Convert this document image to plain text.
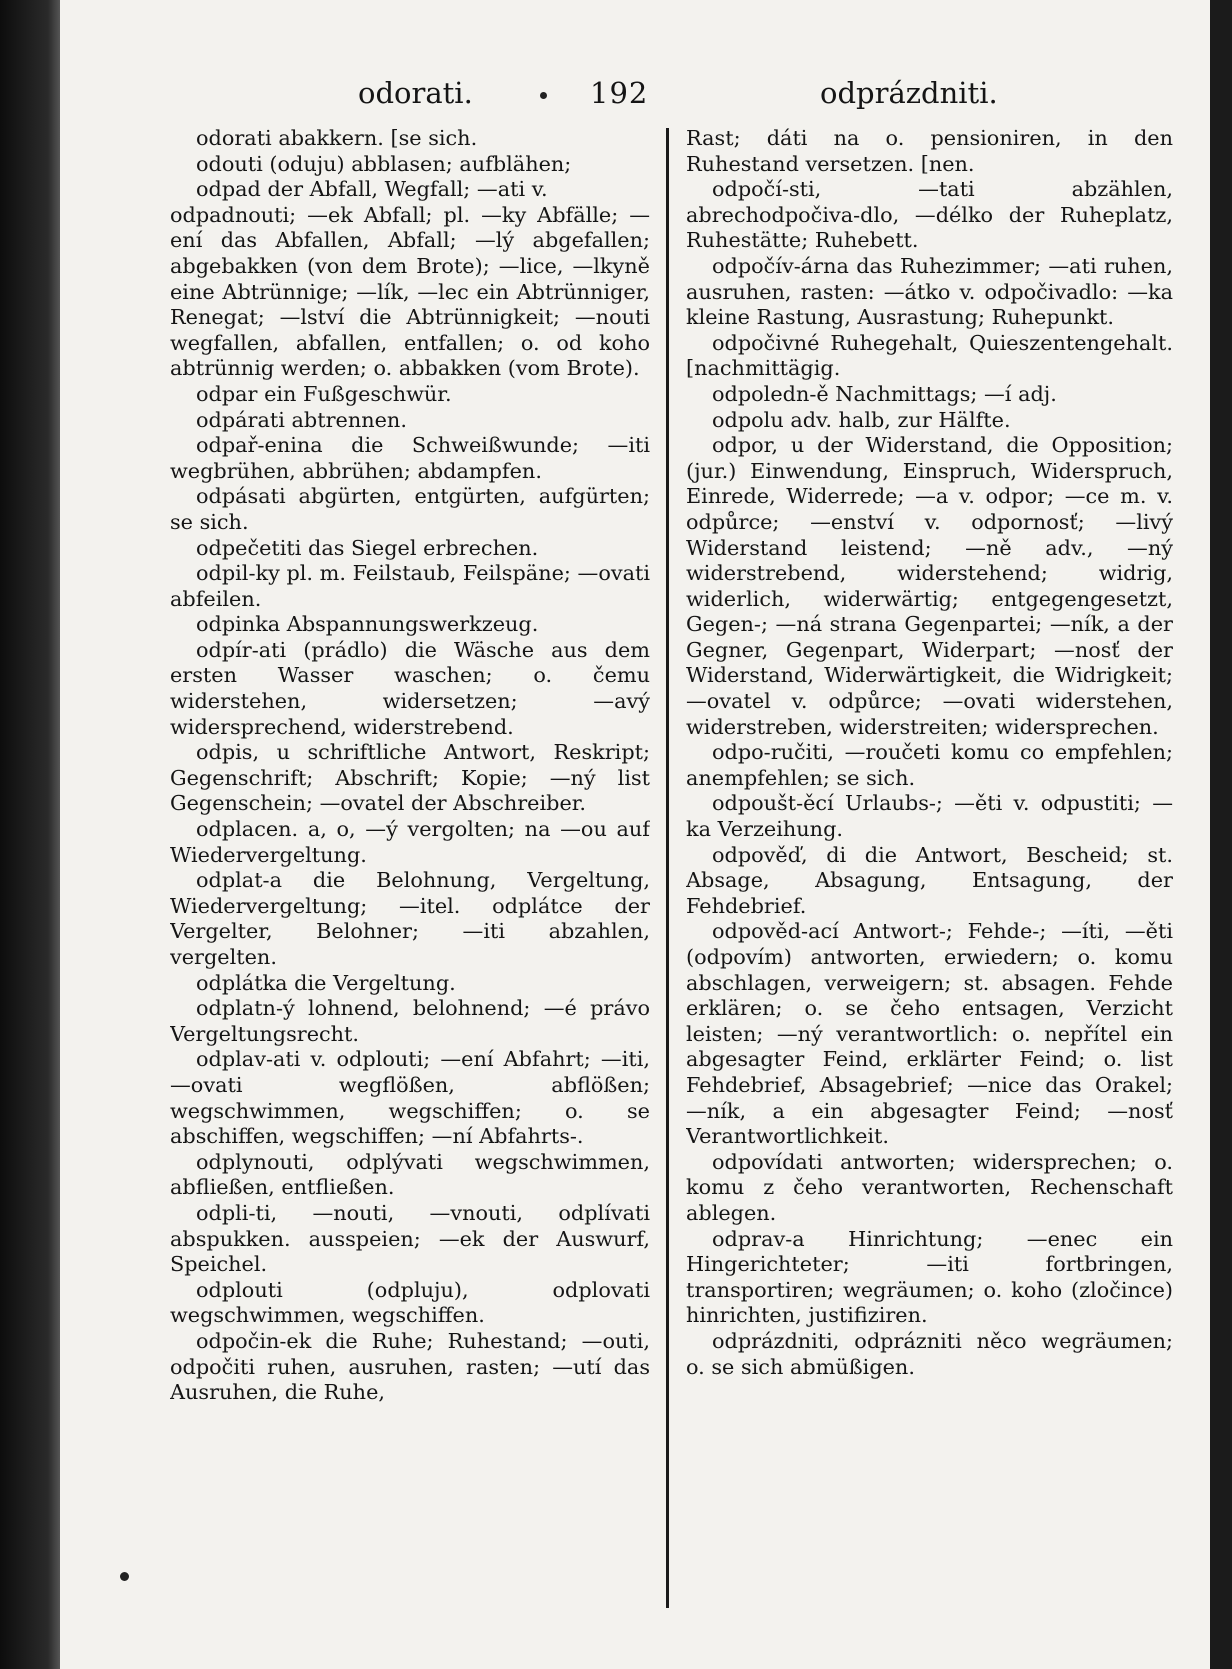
odorati.	192	odprázdniti.

odorati abakkern. [se sich.

odouti (oduju) abblasen; aufblähen;

odpad der Abfall, Wegfall; —ati v.

odpadnouti; —ek Abfall; pl. —ky Abfälle; —ení das Abfallen, Abfall; —lý abgefallen; abgebakken (von dem Brote); —lice, —lkyně eine Abtrünnige; —lík, —lec ein Abtrünniger, Renegat; —lství die Abtrünnigkeit; —nouti wegfallen, abfallen, entfallen; o. od koho abtrünnig werden; o. abbakken (vom Brote).

odpar ein Fußgeschwür.

odpárati abtrennen.

odpař-enina die Schweißwunde; —iti wegbrühen, abbrühen; abdampfen.

odpásati abgürten, entgürten, aufgürten; se sich.

odpečetiti das Siegel erbrechen.

odpil-ky pl. m. Feilstaub, Feilspäne; —ovati abfeilen.

odpinka Abspannungswerkzeug.

odpír-ati (prádlo) die Wäsche aus dem ersten Wasser waschen; o. čemu widerstehen, widersetzen; —avý widersprechend, widerstrebend.

odpis, u schriftliche Antwort, Reskript; Gegenschrift; Abschrift; Kopie; —ný list Gegenschein; —ovatel der Abschreiber.

odplacen. a, o, —ý vergolten; na —ou auf Wiedervergeltung.

odplat-a die Belohnung, Vergeltung, Wiedervergeltung; —itel. odplátce der Vergelter, Belohner; —iti abzahlen, vergelten.

odplátka die Vergeltung.

odplatn-ý lohnend, belohnend; —é právo Vergeltungsrecht.

odplav-ati v. odplouti; —ení Abfahrt; —iti, —ovati wegflößen, abflößen; wegschwimmen, wegschiffen; o. se abschiffen, wegschiffen; —ní Abfahrts-.

odplynouti, odplývati wegschwimmen, abfließen, entfließen.

odpli-ti, —nouti, —vnouti, odplívati abspukken. ausspeien; —ek der Auswurf, Speichel.

odplouti (odpluju), odplovati wegschwimmen, wegschiffen.

odpočin-ek die Ruhe; Ruhestand; —outi, odpočiti ruhen, ausruhen, rasten; —utí das Ausruhen, die Ruhe,

Rast; dáti na o. pensioniren, in den Ruhestand versetzen. [nen.

odpočí-sti, —tati abzählen, abrechodpočiva-dlo, —délko der Ruheplatz, Ruhestätte; Ruhebett.

odpočív-árna das Ruhezimmer; —ati ruhen, ausruhen, rasten: —átko v. odpočivadlo: —ka kleine Rastung, Ausrastung; Ruhepunkt.

odpočivné Ruhegehalt, Quieszentengehalt. [nachmittägig.

odpoledn-ě Nachmittags; —í adj.

odpolu adv. halb, zur Hälfte.

odpor, u der Widerstand, die Opposition; (jur.) Einwendung, Einspruch, Widerspruch, Einrede, Widerrede; —a v. odpor; —ce m. v. odpůrce; —enství v. odpornosť; —livý Widerstand leistend; —ně adv., —ný widerstrebend, widerstehend; widrig, widerlich, widerwärtig; entgegengesetzt, Gegen-; —ná strana Gegenpartei; —ník, a der Gegner, Gegenpart, Widerpart; —nosť der Widerstand, Widerwärtigkeit, die Widrigkeit; —ovatel v. odpůrce; —ovati widerstehen, widerstreben, widerstreiten; widersprechen.

odpo-ručiti, —roučeti komu co empfehlen; anempfehlen; se sich.

odpoušt-ěcí Urlaubs-; —ěti v. odpustiti; —ka Verzeihung.

odpověď, di die Antwort, Bescheid; st. Absage, Absagung, Entsagung, der Fehdebrief.

odpověd-ací Antwort-; Fehde-; —íti, —ěti (odpovím) antworten, erwiedern; o. komu abschlagen, verweigern; st. absagen. Fehde erklären; o. se čeho entsagen, Verzicht leisten; —ný verantwortlich: o. nepřítel ein abgesagter Feind, erklärter Feind; o. list Fehdebrief, Absagebrief; —nice das Orakel; —ník, a ein abgesagter Feind; —nosť Verantwortlichkeit.

odpovídati antworten; widersprechen; o. komu z čeho verantworten, Rechenschaft ablegen.

odprav-a Hinrichtung; —enec ein Hingerichteter; —iti fortbringen, transportiren; wegräumen; o. koho (zločince) hinrichten, justifiziren.

odprázdniti, odprázniti něco wegräumen; o. se sich abmüßigen.
